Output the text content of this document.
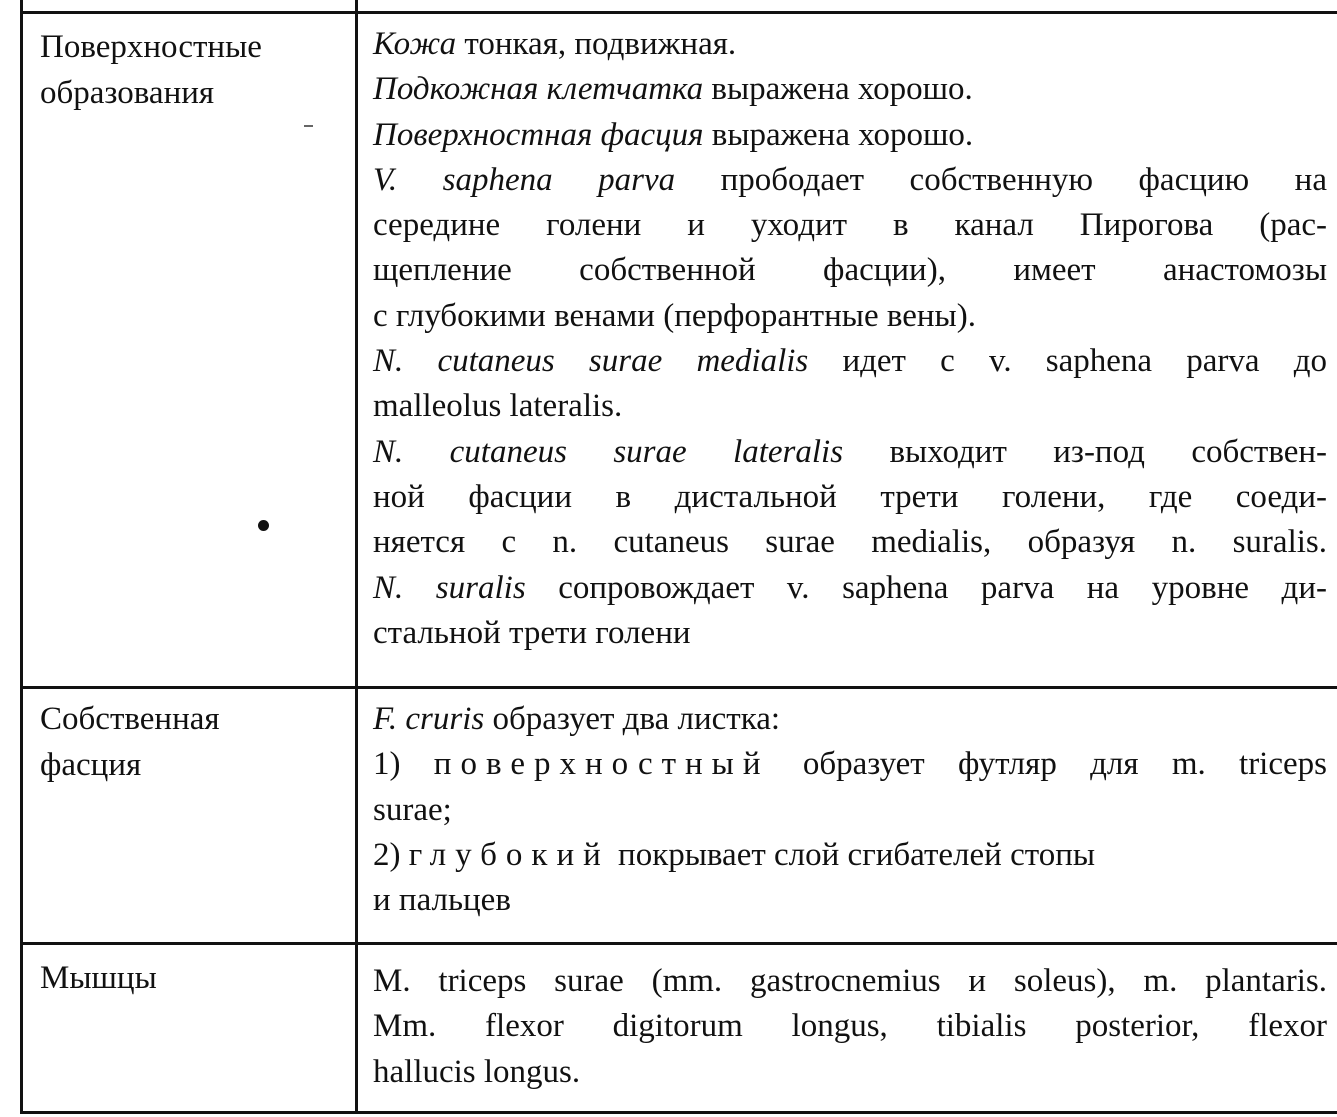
Поверхностные
образования
Кожа тонкая, подвижная.
Подкожная клетчатка выражена хорошо.
Поверхностная фасция выражена хорошо.
V. saphena parva прободает собственную фасцию на
середине голени и уходит в канал Пирогова (рас-
щепление собственной фасции), имеет анастомозы
с глубокими венами (перфорантные вены).
N. cutaneus surae medialis идет с v. saphena parva до
malleolus lateralis.
N. cutaneus surae lateralis выходит из-под собствен-
ной фасции в дистальной трети голени, где соеди-
няется с n. cutaneus surae medialis, образуя n. suralis.
N. suralis сопровождает v. saphena parva на уровне ди-
стальной трети голени
Собственная
фасция
F. cruris образует два листка:
1) поверхностный образует футляр для m. triceps
surae;
2) глубокий покрывает слой сгибателей стопы
и пальцев
Мышцы	M. triceps surae (mm. gastrocnemius и soleus), m. plantaris.
Mm. flexor digitorum longus, tibialis posterior, flexor
hallucis longus.
